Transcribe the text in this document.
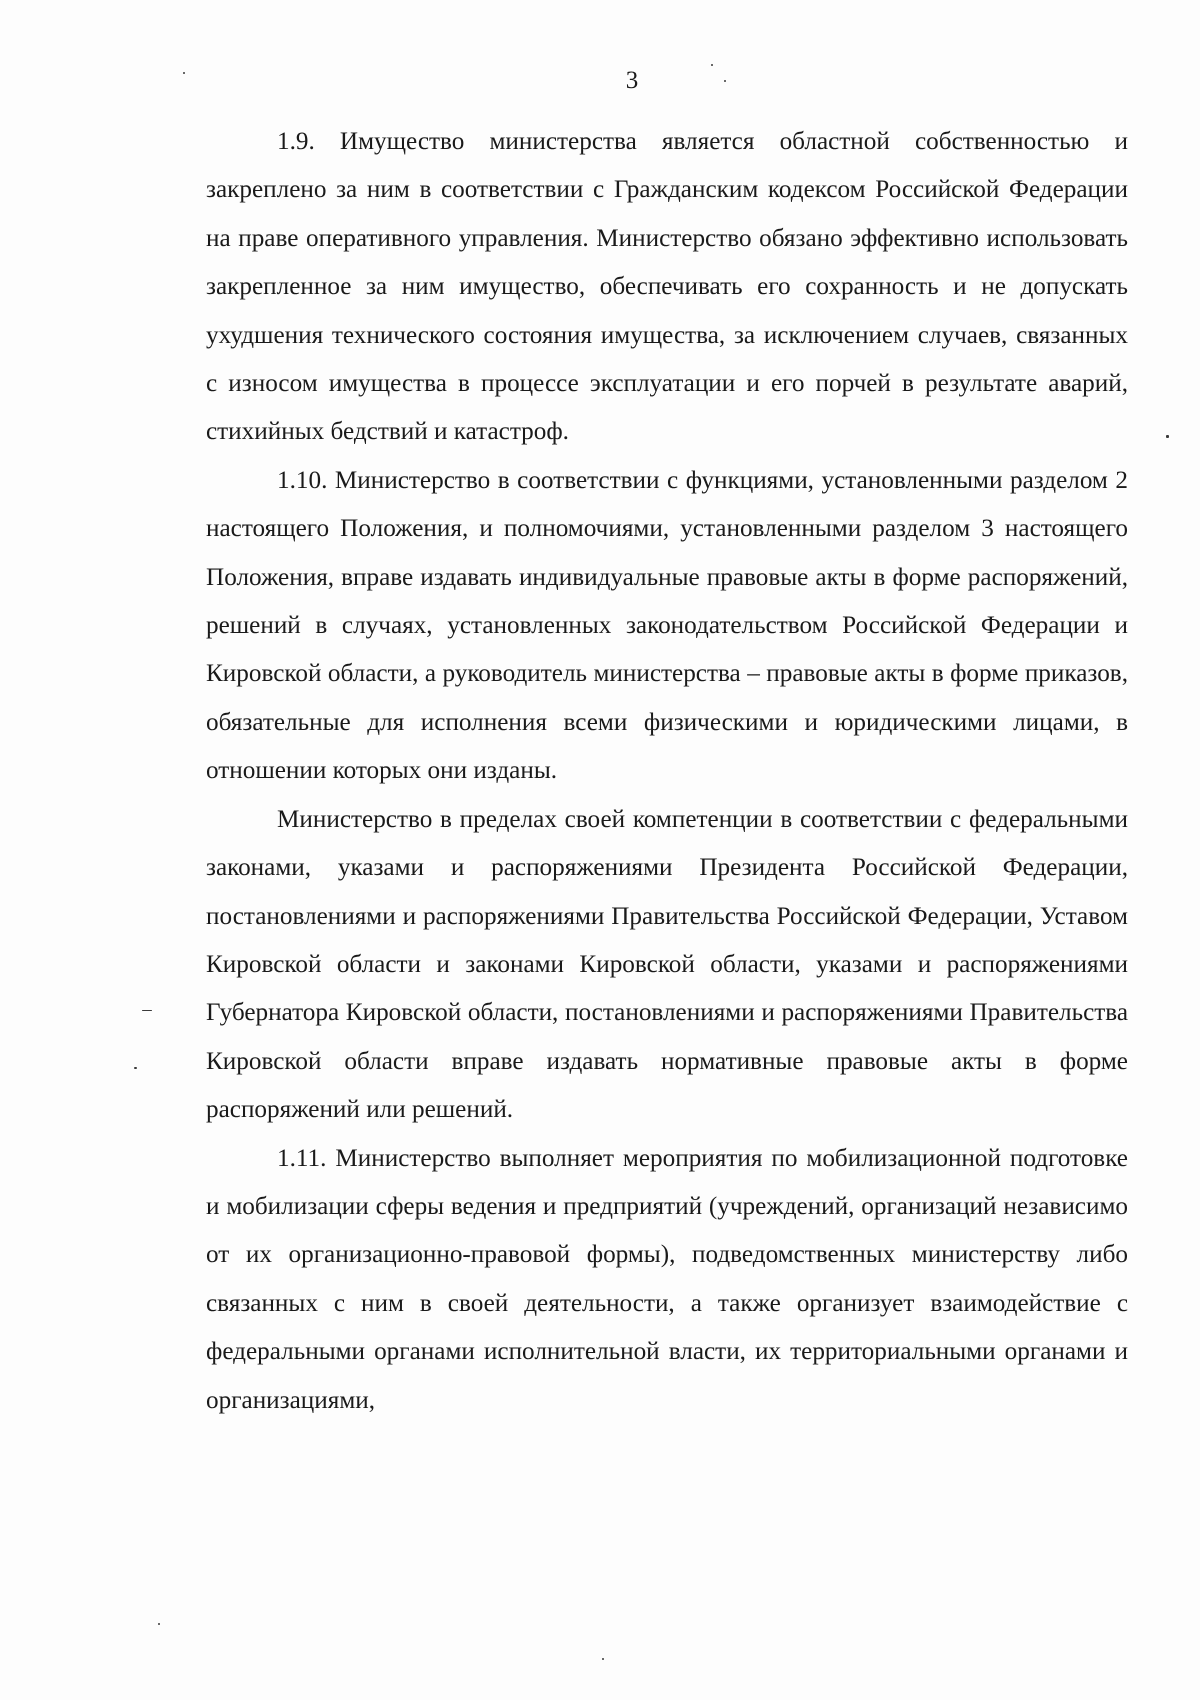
3

1.9. Имущество министерства является областной собственностью и закреплено за ним в соответствии с Гражданским кодексом Российской Федерации на праве оперативного управления. Министерство обязано эффективно использовать закрепленное за ним имущество, обеспечивать его сохранность и не допускать ухудшения технического состояния имущества, за исключением случаев, связанных с износом имущества в процессе эксплуатации и его порчей в результате аварий, стихийных бедствий и катастроф.

1.10. Министерство в соответствии с функциями, установленными разделом 2 настоящего Положения, и полномочиями, установленными разделом 3 настоящего Положения, вправе издавать индивидуальные правовые акты в форме распоряжений, решений в случаях, установленных законодательством Российской Федерации и Кировской области, а руководитель министерства – правовые акты в форме приказов, обязательные для исполнения всеми физическими и юридическими лицами, в отношении которых они изданы.

Министерство в пределах своей компетенции в соответствии с федеральными законами, указами и распоряжениями Президента Российской Федерации, постановлениями и распоряжениями Правительства Российской Федерации, Уставом Кировской области и законами Кировской области, указами и распоряжениями Губернатора Кировской области, постановлениями и распоряжениями Правительства Кировской области вправе издавать нормативные правовые акты в форме распоряжений или решений.

1.11. Министерство выполняет мероприятия по мобилизационной подготовке и мобилизации сферы ведения и предприятий (учреждений, организаций независимо от их организационно-правовой формы), подведомственных министерству либо связанных с ним в своей деятельности, а также организует взаимодействие с федеральными органами исполнительной власти, их территориальными органами и организациями,
